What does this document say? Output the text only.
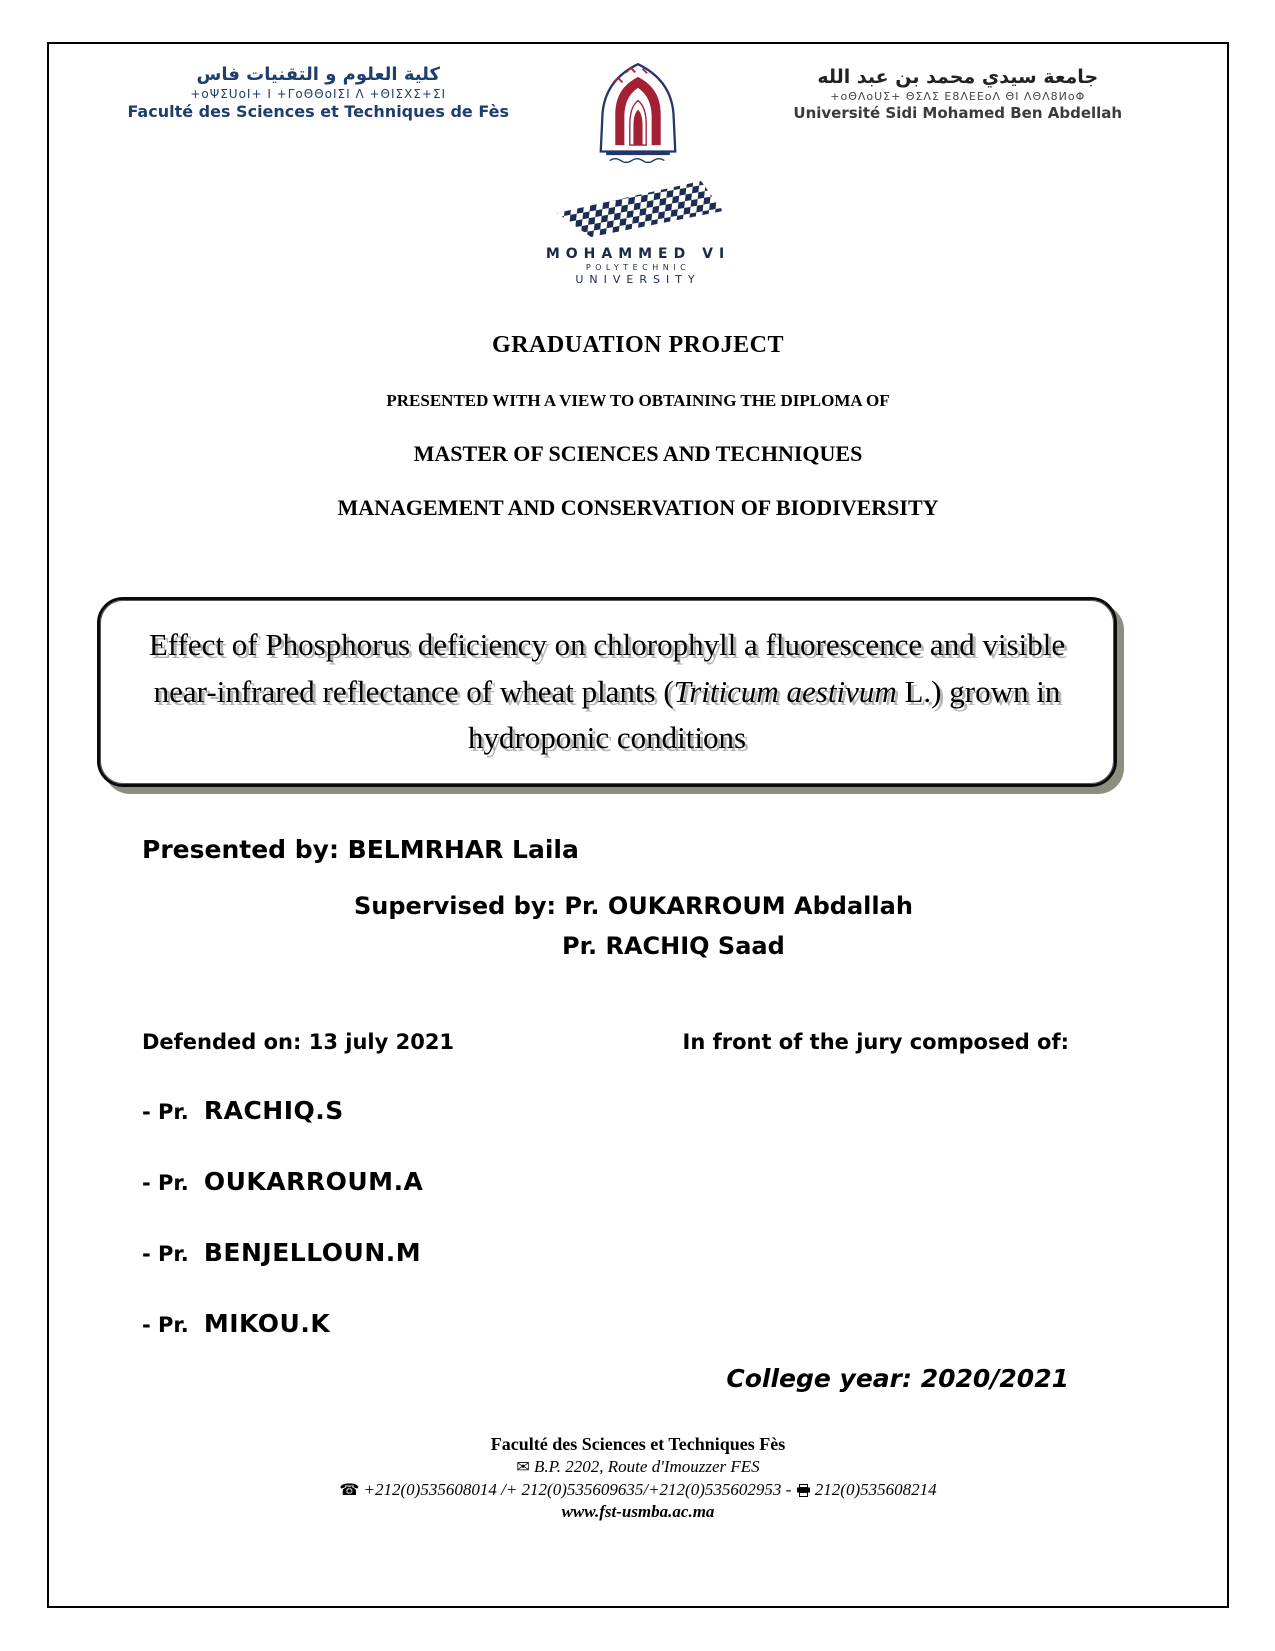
كلية العلوم و التقنيات فاس
+oΨΣUoI+ I +ΓoΘΘoIΣI Λ +ΘIΣΧΣ+ΣI
Faculté des Sciences et Techniques de Fès
جامعة سيدي محمد بن عبد الله
+oΘΛoUΣ+ ΘΣΛΣ Ε8ΛΕΕoΛ ΘI ΛΘΛ8ИoΦ
Université Sidi Mohamed Ben Abdellah
MOHAMMED VI
POLYTECHNIC
UNIVERSITY
GRADUATION PROJECT
PRESENTED WITH A VIEW TO OBTAINING THE DIPLOMA OF
MASTER OF SCIENCES AND TECHNIQUES
MANAGEMENT AND CONSERVATION OF BIODIVERSITY
Effect of Phosphorus deficiency on chlorophyll a fluorescence and visible near-infrared reflectance of wheat plants (Triticum aestivum L.) grown in hydroponic conditions
Presented by: BELMRHAR Laila
Supervised by: Pr. OUKARROUM Abdallah
Pr. RACHIQ Saad
Defended on: 13 july 2021	In front of the jury composed of:
- Pr. RACHIQ.S
- Pr. OUKARROUM.A
- Pr. BENJELLOUN.M
- Pr. MIKOU.K
College year: 2020/2021
Faculté des Sciences et Techniques Fès
✉ B.P. 2202, Route d'Imouzzer FES
☎ +212(0)535608014 /+ 212(0)535609635/+212(0)535602953 - 212(0)535608214
www.fst-usmba.ac.ma
